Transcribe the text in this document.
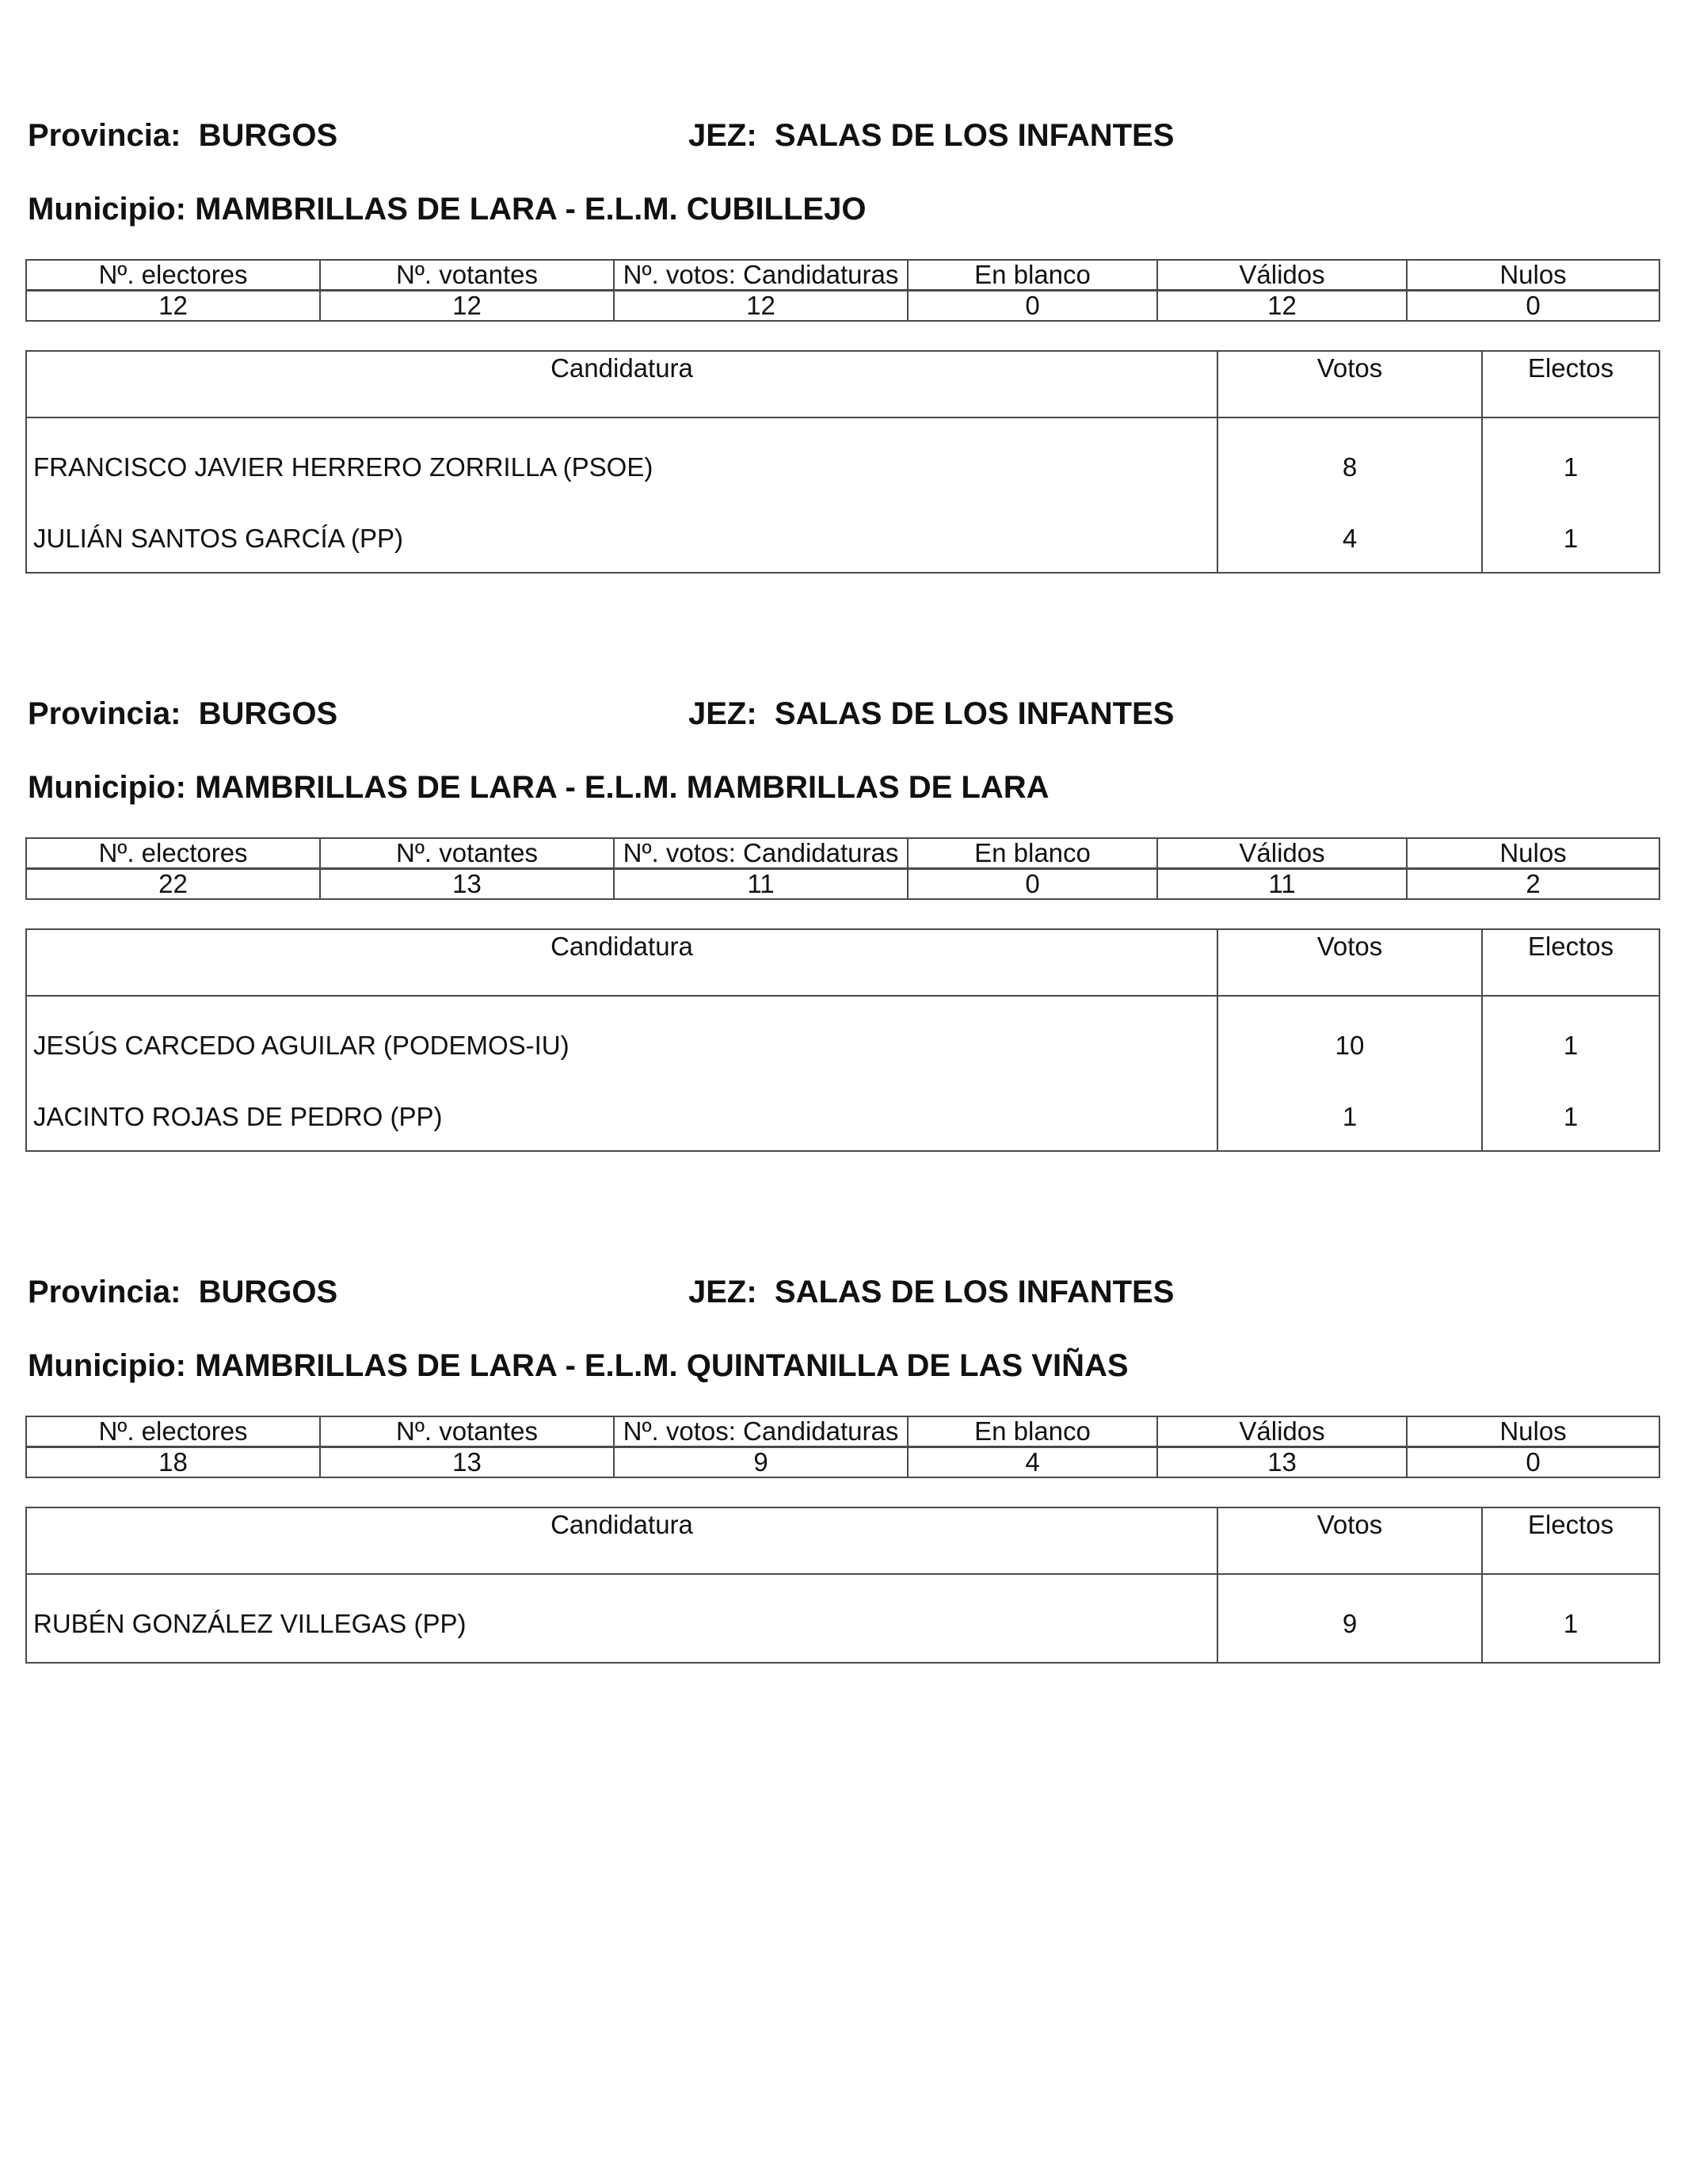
Provincia:  BURGOS	JEZ:  SALAS DE LOS INFANTES
Municipio: MAMBRILLAS DE LARA - E.L.M. CUBILLEJO
Nº. electores	Nº. votantes	Nº. votos: Candidaturas	En blanco	Válidos	Nulos
12	12	12	0	12	0
Candidatura	Votos	Electos
FRANCISCO JAVIER HERRERO ZORRILLA (PSOE)	8	1
JULIÁN SANTOS GARCÍA (PP)	4	1
Provincia:  BURGOS	JEZ:  SALAS DE LOS INFANTES
Municipio: MAMBRILLAS DE LARA - E.L.M. MAMBRILLAS DE LARA
Nº. electores	Nº. votantes	Nº. votos: Candidaturas	En blanco	Válidos	Nulos
22	13	11	0	11	2
Candidatura	Votos	Electos
JESÚS CARCEDO AGUILAR (PODEMOS-IU)	10	1
JACINTO ROJAS DE PEDRO (PP)	1	1
Provincia:  BURGOS	JEZ:  SALAS DE LOS INFANTES
Municipio: MAMBRILLAS DE LARA - E.L.M. QUINTANILLA DE LAS VIÑAS
Nº. electores	Nº. votantes	Nº. votos: Candidaturas	En blanco	Válidos	Nulos
18	13	9	4	13	0
Candidatura	Votos	Electos
RUBÉN GONZÁLEZ VILLEGAS (PP)	9	1
